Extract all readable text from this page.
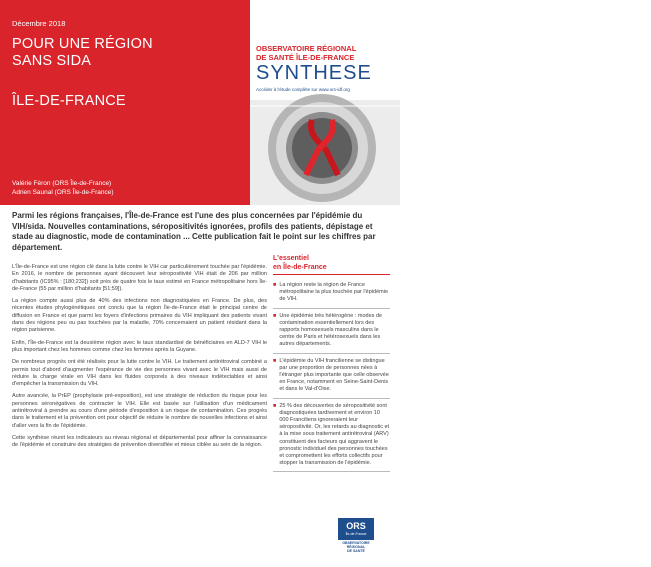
Décembre 2018
POUR UNE RÉGION
SANS SIDA
ÎLE-DE-FRANCE
Valérie Féron (ORS Île-de-France)
Adrien Saunal (ORS Île-de-France)
© Doc-photo-Pixabay
OBSERVATOIRE RÉGIONAL
DE SANTÉ ÎLE-DE-FRANCE
SYNTHESE
Accéder à l'étude complète sur www.ors-idf.org
Parmi les régions françaises, l'Île-de-France est l'une des plus concernées par l'épidémie du VIH/sida. Nouvelles contaminations, séropositivités ignorées, profils des patients, dépistage et stade au diagnostic, mode de contamination ... Cette publication fait le point sur les chiffres par département.

L'Île-de-France est une région clé dans la lutte contre le VIH car particulièrement touchée par l'épidémie. En 2016, le nombre de personnes ayant découvert leur séropositivité VIH était de 206 par million d'habitants (IC95% : [180;232]) soit près de quatre fois le taux estimé en France métropolitaine hors Île-de-France (55 par million d'habitants [51;59]).

La région compte aussi plus de 40% des infections non diagnostiquées en France. De plus, des récentes études phylogénétiques ont conclu que la région Île-de-France était le principal centre de diffusion en France et que parmi les foyers d'infections primaires du VIH impliquant des patients vivant dans des régions peu ou pas touchées par la maladie, 70% concernaient un patient résidant dans la région parisienne.

Enfin, l'Île-de-France est la deuxième région avec le taux standardisé de bénéficiaires en ALD-7 VIH le plus important chez les hommes comme chez les femmes après la Guyane.

De nombreux progrès ont été réalisés pour la lutte contre le VIH. Le traitement antirétroviral combiné a permis tout d'abord d'augmenter l'espérance de vie des personnes vivant avec le VIH mais aussi de réduire la charge virale en VIH dans les fluides corporels à des niveaux indétectables et ainsi d'empêcher la transmission du VIH.

Autre avancée, la PrEP (prophylaxie pré-exposition), est une stratégie de réduction du risque pour les personnes séronégatives de contracter le VIH. Elle est basée sur l'utilisation d'un médicament antirétroviral à prendre au cours d'une période d'exposition à un risque de contamination. Ces progrès dans le traitement et la prévention ont pour objectif de réduire le nombre de nouvelles infections et ainsi d'aller vers la fin de l'épidémie.

Cette synthèse réunit les indicateurs au niveau régional et départemental pour affiner la connaissance de l'épidémie et construire des stratégies de prévention diversifiée et mieux ciblée au sein de la région.

L'essentiel
en Île-de-France
■ La région reste la région de France métropolitaine la plus touchée par l'épidémie de VIH.
■ Une épidémie très hétérogène : modes de contamination essentiellement lors des rapports homosexuels masculins dans le centre de Paris et hétérosexuels dans les autres départements.
■ L'épidémie du VIH francilienne se distingue par une proportion de personnes nées à l'étranger plus importante que celle observée en France, notamment en Seine-Saint-Denis et dans le Val-d'Oise.
■ 25 % des découvertes de séropositivité sont diagnostiquées tardivement et environ 10 000 Franciliens ignoreraient leur séropositivité. Or, les retards au diagnostic et à la mise sous traitement antirétroviral (ARV) constituent des facteurs qui aggravent le pronostic individuel des personnes touchées et compromettent les efforts collectifs pour stopper la transmission de l'épidémie.
ORS
Île-de-France
OBSERVATOIRE
RÉGIONAL
DE SANTÉ
